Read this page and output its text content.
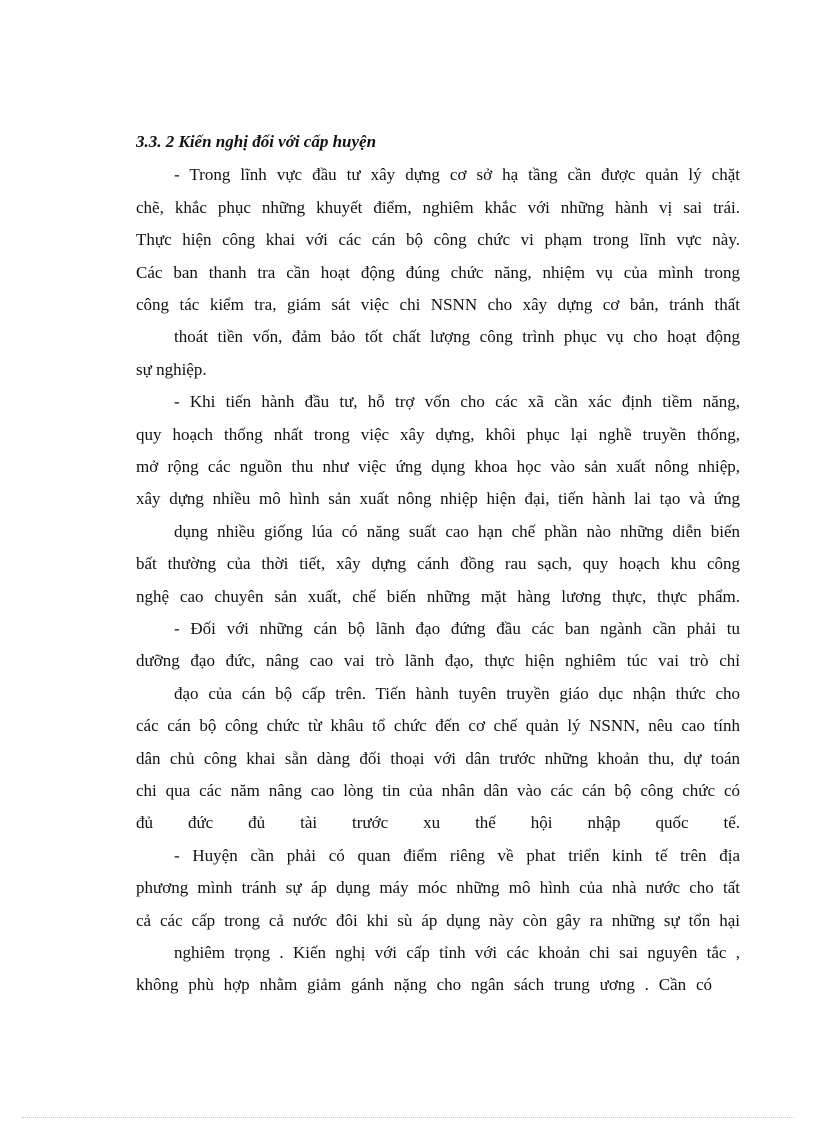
3.3. 2 Kiến nghị đối với cấp huyện
- Trong lĩnh vực đầu tư xây dựng cơ sở hạ tầng cần được quản lý chặt
chẽ, khắc phục những khuyết điểm, nghiêm khắc với những hành vị sai trái.
Thực hiện công khai với các cán bộ công chức vi phạm trong lĩnh vực này.
Các ban thanh tra cần hoạt động đúng chức năng, nhiệm vụ của mình trong
công tác kiểm tra, giám sát việc chi NSNN cho xây dựng cơ bản, tránh thất
thoát tiền vốn, đảm bảo tốt chất lượng công trình phục vụ cho hoạt động
sự nghiệp.
- Khi tiến hành đầu tư, hỗ trợ vốn cho các xã cần xác định tiềm năng,
quy hoạch thống nhất trong việc xây dựng, khôi phục lại nghề truyền thống,
mở rộng các nguồn thu như việc ứng dụng khoa học vào sản xuất nông nhiệp,
xây dựng nhiều mô hình sản xuất nông nhiệp hiện đại, tiến hành lai tạo và ứng
dụng nhiều giống lúa có năng suất cao hạn chế phần nào những diễn biến
bất thường của thời tiết, xây dựng cánh đồng rau sạch, quy hoạch khu công
nghệ cao chuyên sản xuất, chế biến những mặt hàng lương thực, thực phẩm.
- Đối với những cán bộ lãnh đạo đứng đầu các ban ngành cần phải tu
dưỡng đạo đức, nâng cao vai trò lãnh đạo, thực hiện nghiêm túc vai trò chỉ
đạo của cán bộ cấp trên. Tiến hành tuyên truyền giáo dục nhận thức cho
các cán bộ công chức từ khâu tổ chức đến cơ chế quản lý NSNN, nêu cao tính
dân chủ công khai sẵn dàng đối thoại với dân trước những khoản thu, dự toán
chi qua các năm nâng cao lòng tin của nhân dân vào các cán bộ công chức có
đủ đức đủ tài trước xu thế hội nhập quốc tế.
- Huyện cần phải có quan điểm riêng về phat triển kinh tế trên địa
phương mình tránh sự áp dụng máy móc những mô hình của nhà nước cho tất
cả các cấp trong cả nước đôi khi sù áp dụng này còn gây ra những sự tổn hại
nghiêm trọng . Kiến nghị với cấp tỉnh với các khoản chi sai nguyên tắc ,
không phù hợp nhằm giảm gánh nặng cho ngân sách trung ương . Cần có
